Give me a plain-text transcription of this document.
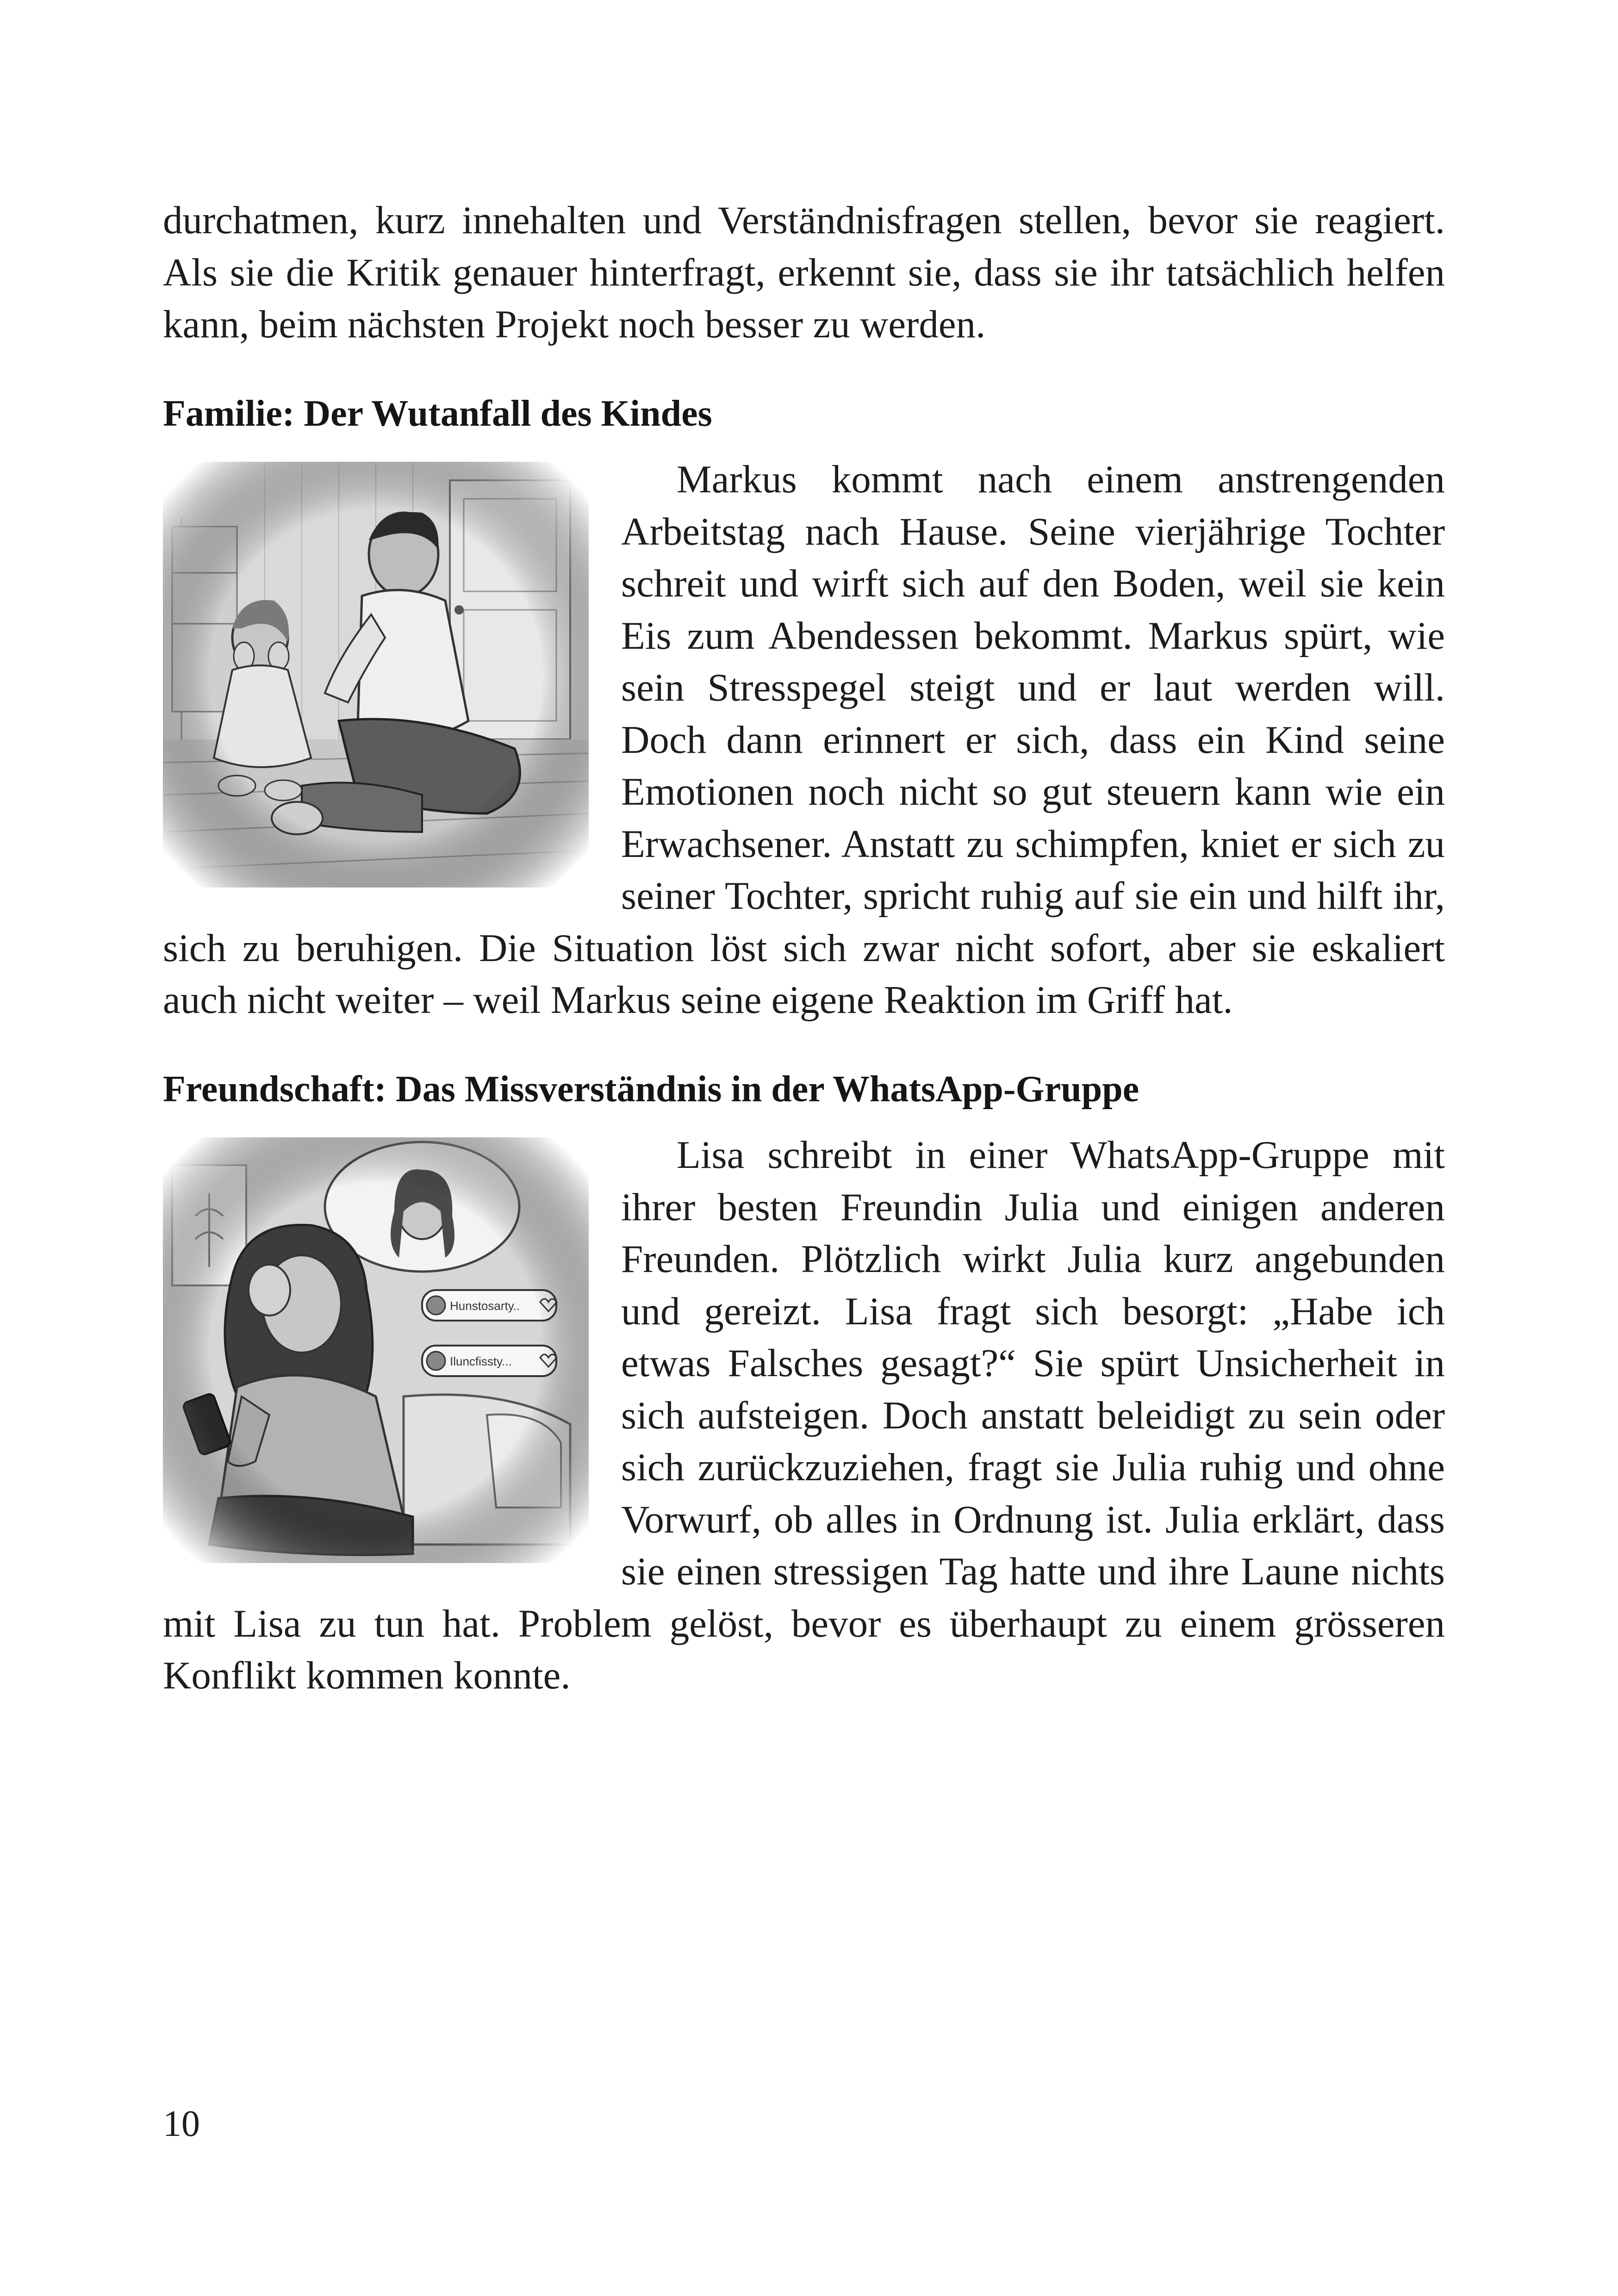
durchatmen, kurz innehalten und Verständnisfragen stellen, bevor sie reagiert. Als sie die Kritik genauer hinterfragt, erkennt sie, dass sie ihr tatsächlich helfen kann, beim nächsten Projekt noch besser zu werden.

Familie: Der Wutanfall des Kindes

Markus kommt nach einem anstrengenden Arbeitstag nach Hause. Seine vierjährige Tochter schreit und wirft sich auf den Boden, weil sie kein Eis zum Abendessen bekommt. Markus spürt, wie sein Stresspegel steigt und er laut werden will. Doch dann erinnert er sich, dass ein Kind seine Emotionen noch nicht so gut steuern kann wie ein Erwachsener. Anstatt zu schimpfen, kniet er sich zu seiner Tochter, spricht ruhig auf sie ein und hilft ihr, sich zu beruhigen. Die Situation löst sich zwar nicht sofort, aber sie eskaliert auch nicht weiter – weil Markus seine eigene Reaktion im Griff hat.

Freundschaft: Das Missverständnis in der WhatsApp-Gruppe

Lisa schreibt in einer WhatsApp-Gruppe mit ihrer besten Freundin Julia und einigen anderen Freunden. Plötzlich wirkt Julia kurz angebunden und gereizt. Lisa fragt sich besorgt: „Habe ich etwas Falsches gesagt?“ Sie spürt Unsicherheit in sich aufsteigen. Doch anstatt beleidigt zu sein oder sich zurückzuziehen, fragt sie Julia ruhig und ohne Vorwurf, ob alles in Ordnung ist. Julia erklärt, dass sie einen stressigen Tag hatte und ihre Laune nichts mit Lisa zu tun hat. Problem gelöst, bevor es überhaupt zu einem grösseren Konflikt kommen konnte.

10
